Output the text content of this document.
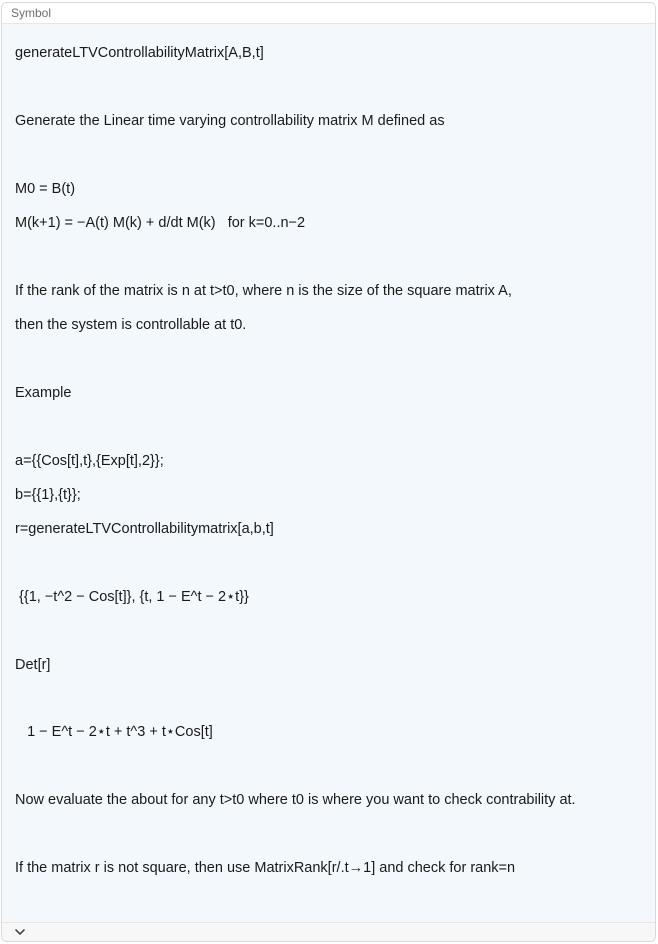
Symbol
generateLTVControllabilityMatrix[A,B,t]
Generate the Linear time varying controllability matrix M defined as
M0 = B(t)
M(k+1) = −A(t) M(k) + d/dt M(k)   for k=0..n−2
If the rank of the matrix is n at t>t0, where n is the size of the square matrix A,
then the system is controllable at t0.
Example
a={{Cos[t],t},{Exp[t],2}};
b={{1},{t}};
r=generateLTVControllabilitymatrix[a,b,t]
{{1, −t^2 − Cos[t]}, {t, 1 − E^t − 2⋆t}}
Det[r]
1 − E^t − 2⋆t + t^3 + t⋆Cos[t]
Now evaluate the about for any t>t0 where t0 is where you want to check contrability at.
If the matrix r is not square, then use MatrixRank[r/.t→1] and check for rank=n
